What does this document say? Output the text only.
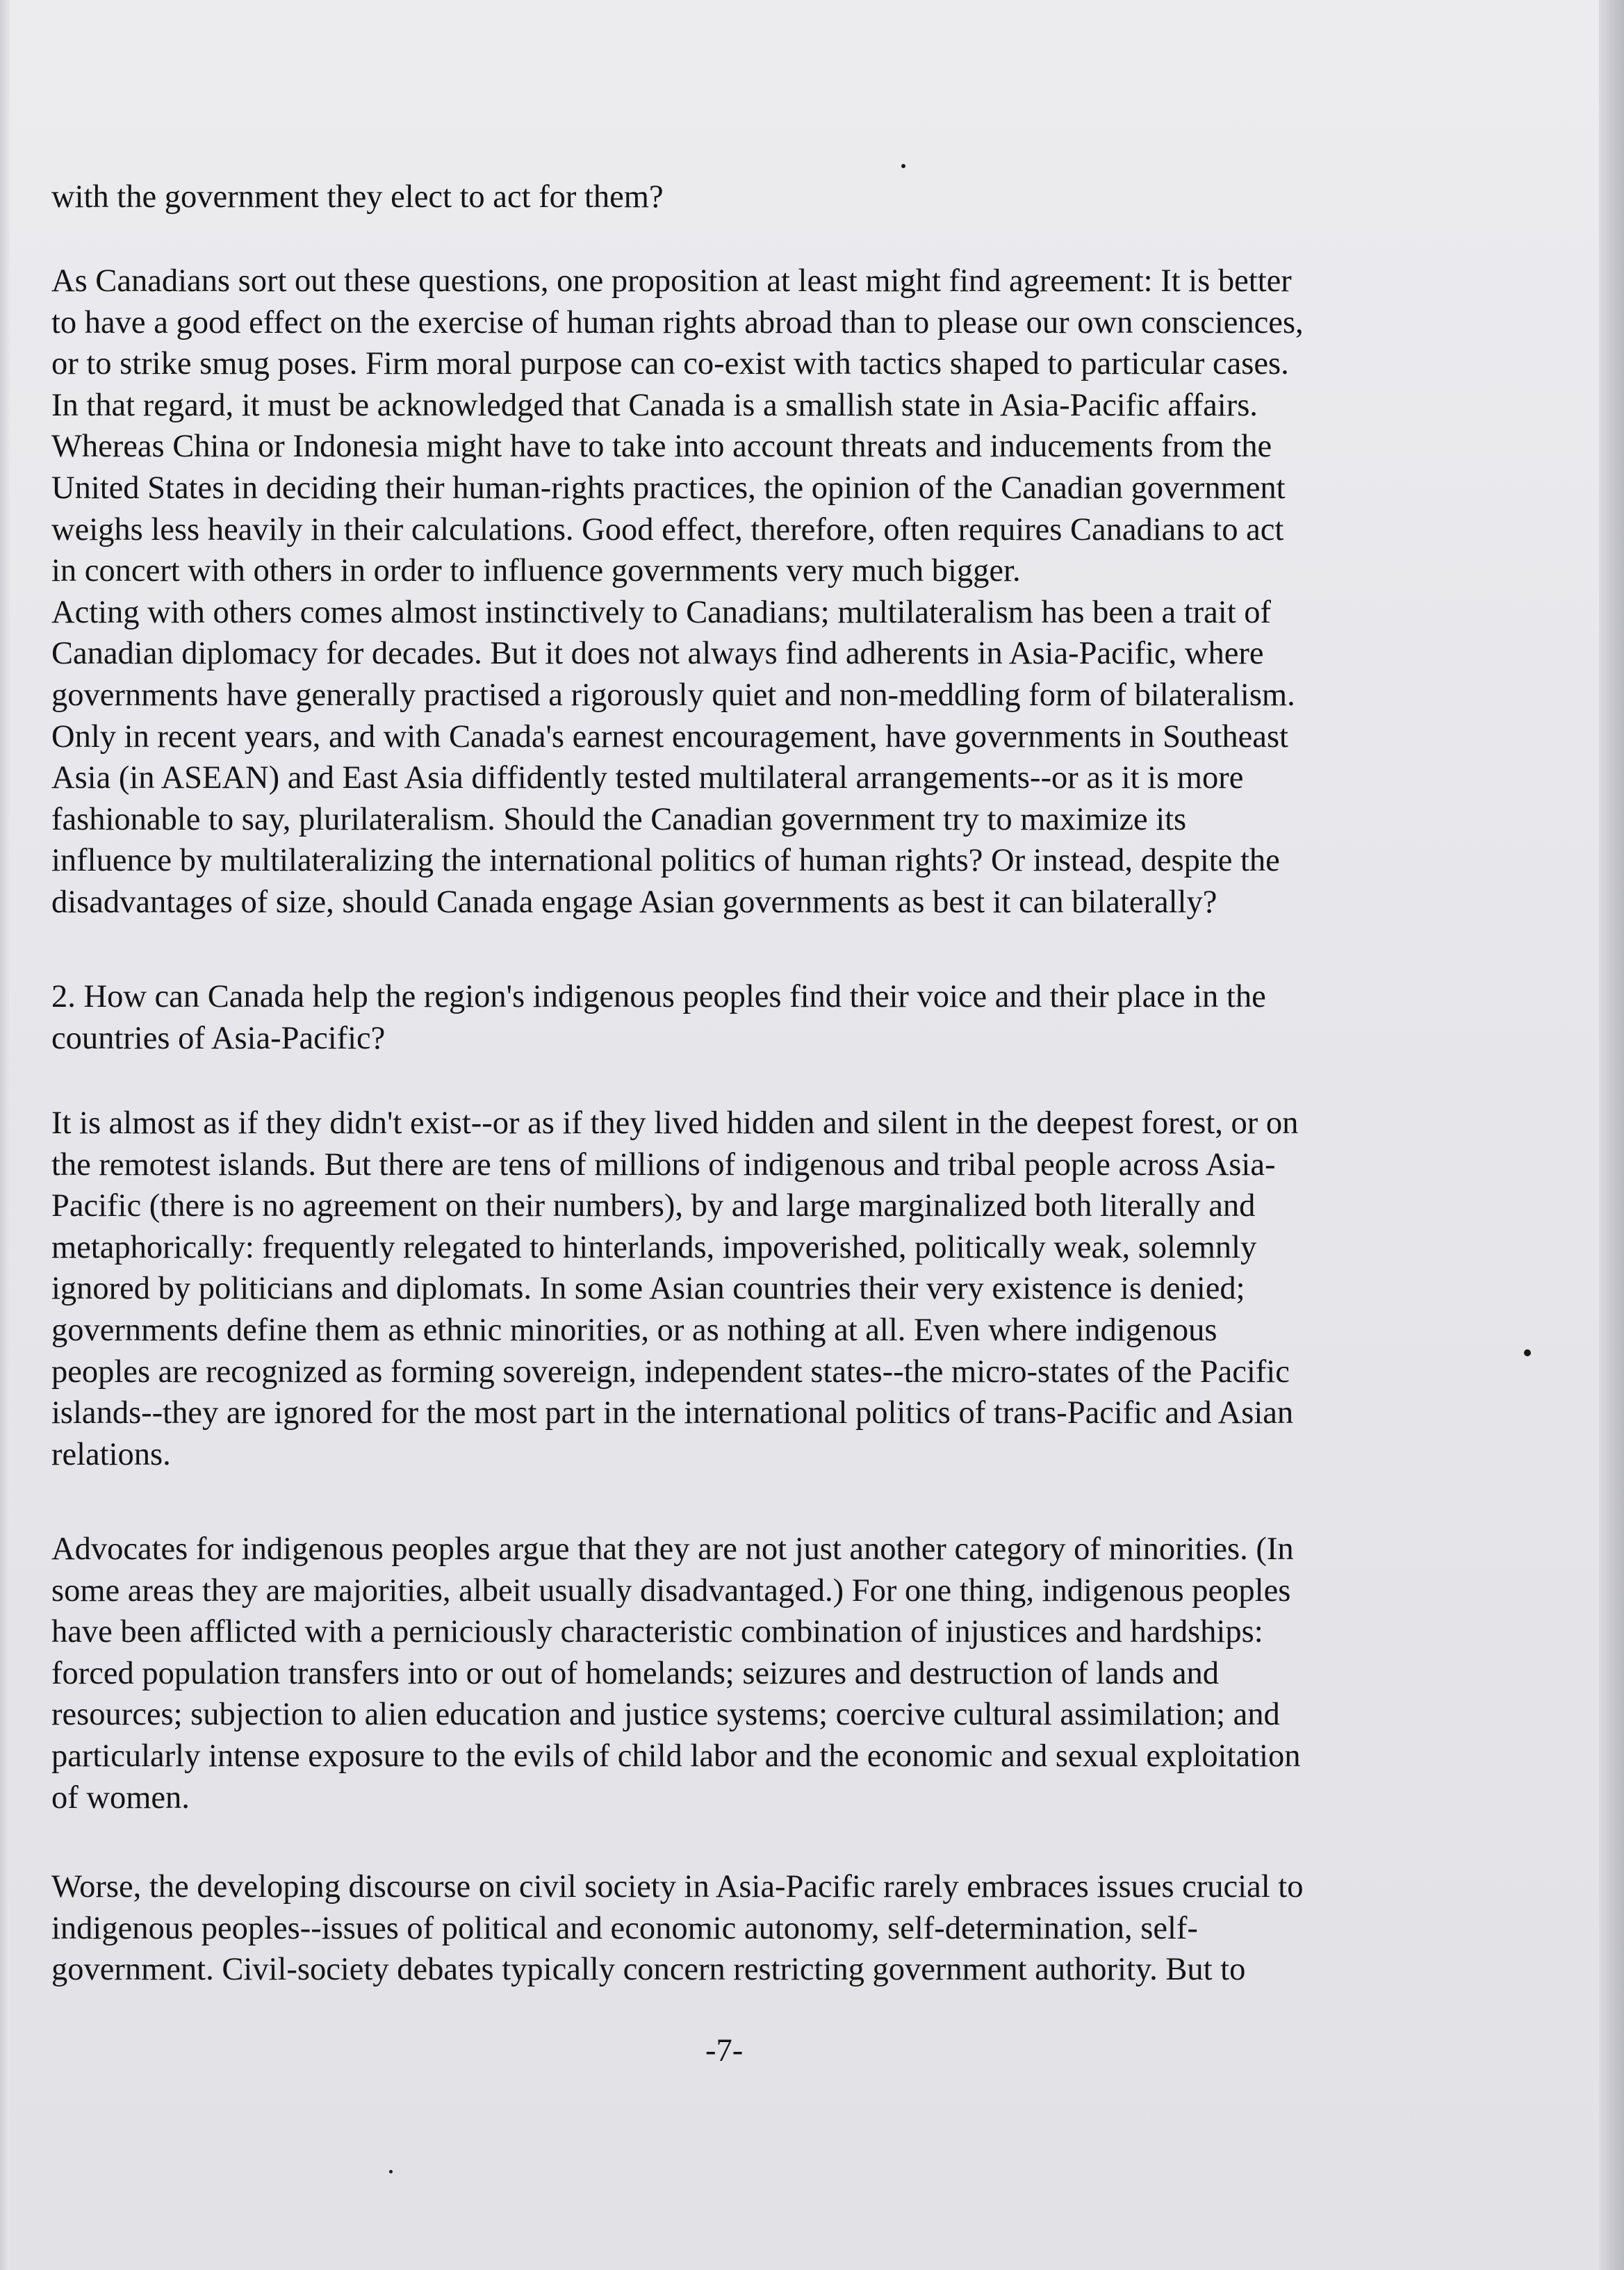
with the government they elect to act for them?
As Canadians sort out these questions, one proposition at least might find agreement: It is better
to have a good effect on the exercise of human rights abroad than to please our own consciences,
or to strike smug poses. Firm moral purpose can co-exist with tactics shaped to particular cases.
In that regard, it must be acknowledged that Canada is a smallish state in Asia-Pacific affairs.
Whereas China or Indonesia might have to take into account threats and inducements from the
United States in deciding their human-rights practices, the opinion of the Canadian government
weighs less heavily in their calculations. Good effect, therefore, often requires Canadians to act
in concert with others in order to influence governments very much bigger.
Acting with others comes almost instinctively to Canadians; multilateralism has been a trait of
Canadian diplomacy for decades. But it does not always find adherents in Asia-Pacific, where
governments have generally practised a rigorously quiet and non-meddling form of bilateralism.
Only in recent years, and with Canada's earnest encouragement, have governments in Southeast
Asia (in ASEAN) and East Asia diffidently tested multilateral arrangements--or as it is more
fashionable to say, plurilateralism. Should the Canadian government try to maximize its
influence by multilateralizing the international politics of human rights? Or instead, despite the
disadvantages of size, should Canada engage Asian governments as best it can bilaterally?
2. How can Canada help the region's indigenous peoples find their voice and their place in the
countries of Asia-Pacific?
It is almost as if they didn't exist--or as if they lived hidden and silent in the deepest forest, or on
the remotest islands. But there are tens of millions of indigenous and tribal people across Asia-
Pacific (there is no agreement on their numbers), by and large marginalized both literally and
metaphorically: frequently relegated to hinterlands, impoverished, politically weak, solemnly
ignored by politicians and diplomats. In some Asian countries their very existence is denied;
governments define them as ethnic minorities, or as nothing at all. Even where indigenous
peoples are recognized as forming sovereign, independent states--the micro-states of the Pacific
islands--they are ignored for the most part in the international politics of trans-Pacific and Asian
relations.
Advocates for indigenous peoples argue that they are not just another category of minorities. (In
some areas they are majorities, albeit usually disadvantaged.) For one thing, indigenous peoples
have been afflicted with a perniciously characteristic combination of injustices and hardships:
forced population transfers into or out of homelands; seizures and destruction of lands and
resources; subjection to alien education and justice systems; coercive cultural assimilation; and
particularly intense exposure to the evils of child labor and the economic and sexual exploitation
of women.
Worse, the developing discourse on civil society in Asia-Pacific rarely embraces issues crucial to
indigenous peoples--issues of political and economic autonomy, self-determination, self-
government. Civil-society debates typically concern restricting government authority. But to
-7-
